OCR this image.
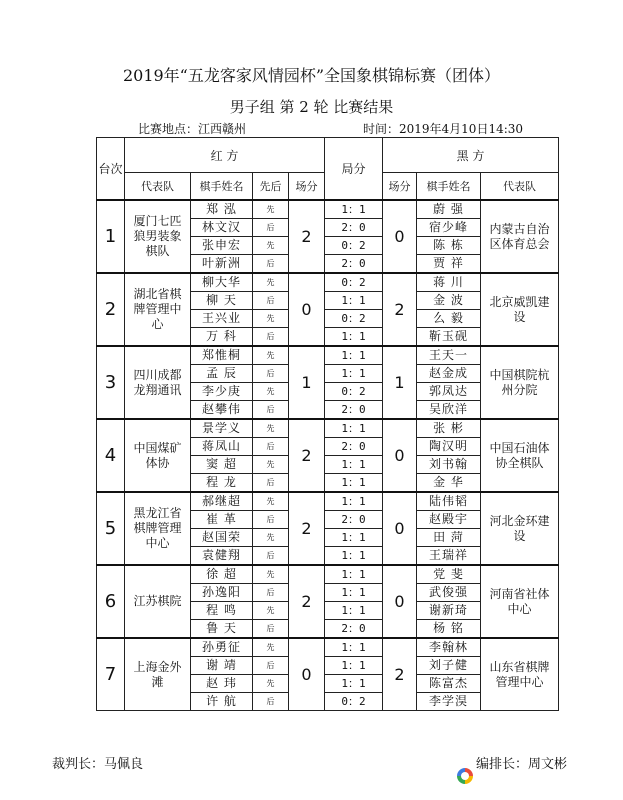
2019年“五龙客家风情园杯”全国象棋锦标赛（团体）
男子组 第 2 轮 比赛结果
比赛地点：江西赣州	时间：2019年4月10日14:30
台次	红 方				局分	黑 方		
	代表队	棋手姓名	先后	场分		场分	棋手姓名	代表队
1	厦门七匹狼男装象棋队	郑 泓	先	2	1：1	0	蔚 强	内蒙古自治区体育总会
		林文汉	后		2：0		宿少峰	
		张申宏	先		0：2		陈 栋	
		叶新洲	后		2：0		贾 祥	
2	湖北省棋牌管理中心	柳大华	先	0	0：2	2	蒋 川	北京威凯建设
		柳 天	后		1：1		金 波	
		王兴业	先		0：2		么 毅	
		万 科	后		1：1		靳玉砚	
3	四川成都龙翔通讯	郑惟桐	先	1	1：1	1	王天一	中国棋院杭州分院
		孟 辰	后		1：1		赵金成	
		李少庚	先		0：2		郭凤达	
		赵攀伟	后		2：0		吴欣洋	
4	中国煤矿体协	景学义	先	2	1：1	0	张 彬	中国石油体协全棋队
		蒋凤山	后		2：0		陶汉明	
		窦 超	先		1：1		刘书翰	
		程 龙	后		1：1		金 华	
5	黑龙江省棋牌管理中心	郝继超	先	2	1：1	0	陆伟韬	河北金环建设
		崔 革	后		2：0		赵殿宇	
		赵国荣	先		1：1		田 菏	
		袁健翔	后		1：1		王瑞祥	
6	江苏棋院	徐 超	先	2	1：1	0	党 斐	河南省社体中心
		孙逸阳	后		1：1		武俊强	
		程 鸣	先		1：1		谢新琦	
		鲁 天	后		2：0		杨 铭	
7	上海金外滩	孙勇征	先	0	1：1	2	李翰林	山东省棋牌管理中心
		谢 靖	后		1：1		刘子健	
		赵 玮	先		1：1		陈富杰	
		许 航	后		0：2		李学淏	
裁判长：马佩良	编排长：周文彬
